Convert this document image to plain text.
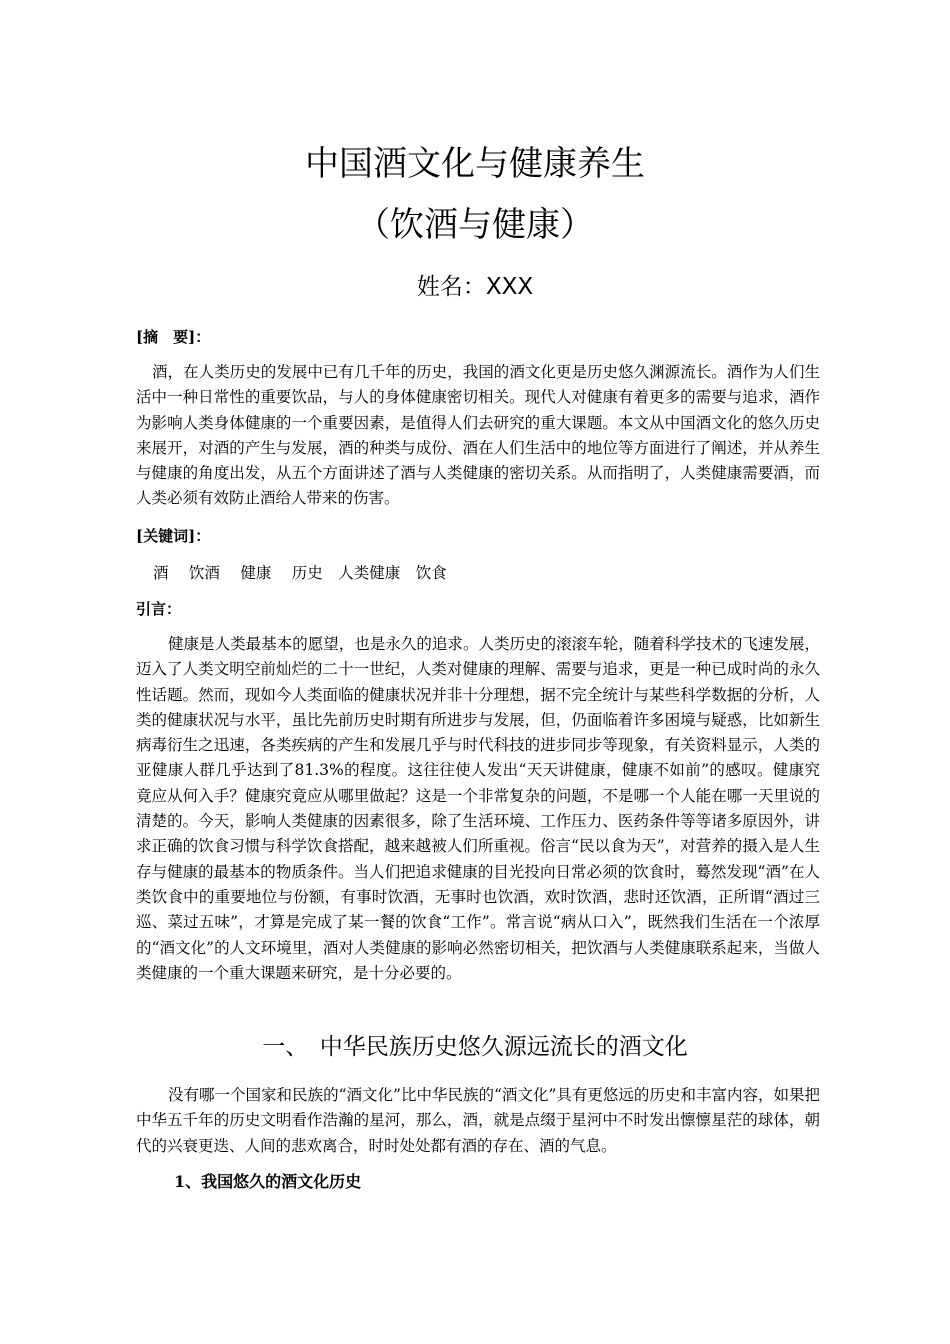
中国酒文化与健康养生
（饮酒与健康）
姓名：XXX
[摘　要]：

酒，在人类历史的发展中已有几千年的历史，我国的酒文化更是历史悠久渊源流长。酒作为人们生活中一种日常性的重要饮品，与人的身体健康密切相关。现代人对健康有着更多的需要与追求，酒作为影响人类身体健康的一个重要因素，是值得人们去研究的重大课题。本文从中国酒文化的悠久历史来展开，对酒的产生与发展，酒的种类与成份、酒在人们生活中的地位等方面进行了阐述，并从养生与健康的角度出发，从五个方面讲述了酒与人类健康的密切关系。从而指明了，人类健康需要酒，而人类必须有效防止酒给人带来的伤害。

[关键词]：
酒　 饮酒　 健康　 历史　人类健康　饮食
引言：

健康是人类最基本的愿望，也是永久的追求。人类历史的滚滚车轮，随着科学技术的飞速发展，迈入了人类文明空前灿烂的二十一世纪，人类对健康的理解、需要与追求，更是一种已成时尚的永久性话题。然而，现如今人类面临的健康状况并非十分理想，据不完全统计与某些科学数据的分析，人类的健康状况与水平，虽比先前历史时期有所进步与发展，但，仍面临着许多困境与疑惑，比如新生病毒衍生之迅速，各类疾病的产生和发展几乎与时代科技的进步同步等现象，有关资料显示，人类的亚健康人群几乎达到了81.3%的程度。这往往使人发出“天天讲健康，健康不如前”的感叹。健康究竟应从何入手？健康究竟应从哪里做起？这是一个非常复杂的问题，不是哪一个人能在哪一天里说的清楚的。今天，影响人类健康的因素很多，除了生活环境、工作压力、医药条件等等诸多原因外，讲求正确的饮食习惯与科学饮食搭配，越来越被人们所重视。俗言“民以食为天”，对营养的摄入是人生存与健康的最基本的物质条件。当人们把追求健康的目光投向日常必须的饮食时，蓦然发现“酒”在人类饮食中的重要地位与份额，有事时饮酒，无事时也饮酒，欢时饮酒，悲时还饮酒，正所谓“酒过三巡、菜过五味”，才算是完成了某一餐的饮食“工作”。常言说“病从口入”，既然我们生活在一个浓厚的“酒文化”的人文环境里，酒对人类健康的影响必然密切相关，把饮酒与人类健康联系起来，当做人类健康的一个重大课题来研究，是十分必要的。

一、　中华民族历史悠久源远流长的酒文化

没有哪一个国家和民族的“酒文化”比中华民族的“酒文化”具有更悠远的历史和丰富内容，如果把中华五千年的历史文明看作浩瀚的星河，那么，酒，就是点缀于星河中不时发出懔懔星茫的球体，朝代的兴衰更迭、人间的悲欢离合，时时处处都有酒的存在、酒的气息。

1、我国悠久的酒文化历史
